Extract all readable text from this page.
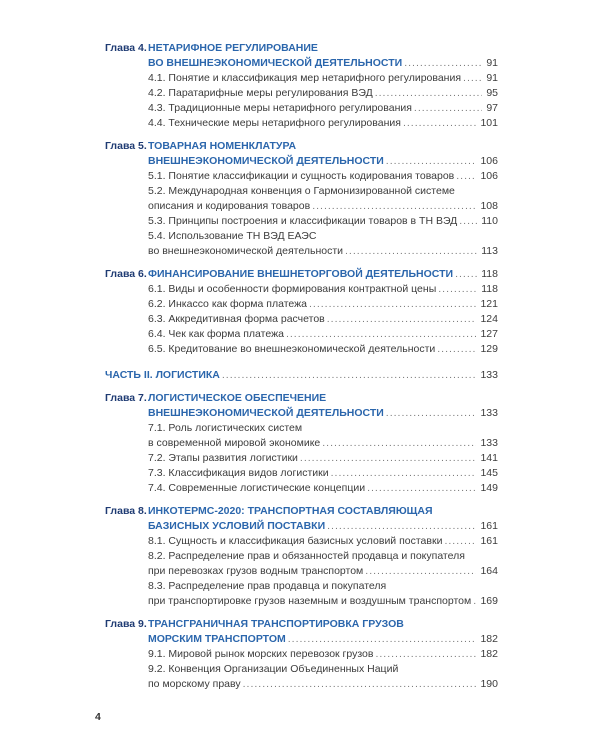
Глава 4. НЕТАРИФНОЕ РЕГУЛИРОВАНИЕ
ВО ВНЕШНЕЭКОНОМИЧЕСКОЙ ДЕЯТЕЛЬНОСТИ .....	91
4.1. Понятие и классификация мер нетарифного регулирования ..... 91
4.2. Паратарифные меры регулирования ВЭД .....	95
4.3. Традиционные меры нетарифного регулирования .....	97
4.4. Технические меры нетарифного регулирования .....	101
Глава 5. ТОВАРНАЯ НОМЕНКЛАТУРА
ВНЕШНЕЭКОНОМИЧЕСКОЙ ДЕЯТЕЛЬНОСТИ .....	106
5.1. Понятие классификации и сущность кодирования товаров ..... 106
5.2. Международная конвенция о Гармонизированной системе
описания и кодирования товаров .....	108
5.3. Принципы построения и классификации товаров в ТН ВЭД ..... 110
5.4. Использование ТН ВЭД ЕАЭС
во внешнеэкономической деятельности .....	113
Глава 6. ФИНАНСИРОВАНИЕ ВНЕШНЕТОРГОВОЙ ДЕЯТЕЛЬНОСТИ .....	118
6.1. Виды и особенности формирования контрактной цены .....	118
6.2. Инкассо как форма платежа .....	121
6.3. Аккредитивная форма расчетов .....	124
6.4. Чек как форма платежа .....	127
6.5. Кредитование во внешнеэкономической деятельности .....	129
ЧАСТЬ II. ЛОГИСТИКА .....	133
Глава 7. ЛОГИСТИЧЕСКОЕ ОБЕСПЕЧЕНИЕ
ВНЕШНЕЭКОНОМИЧЕСКОЙ ДЕЯТЕЛЬНОСТИ .....	133
7.1. Роль логистических систем
в современной мировой экономике .....	133
7.2. Этапы развития логистики .....	141
7.3. Классификация видов логистики .....	145
7.4. Современные логистические концепции .....	149
Глава 8. ИНКОТЕРМС-2020: ТРАНСПОРТНАЯ СОСТАВЛЯЮЩАЯ
БАЗИСНЫХ УСЛОВИЙ ПОСТАВКИ .....	161
8.1. Сущность и классификация базисных условий поставки .....	161
8.2. Распределение прав и обязанностей продавца и покупателя
при перевозках грузов водным транспортом .....	164
8.3. Распределение прав продавца и покупателя
при транспортировке грузов наземным и воздушным транспортом ..... 169
Глава 9. ТРАНСГРАНИЧНАЯ ТРАНСПОРТИРОВКА ГРУЗОВ
МОРСКИМ ТРАНСПОРТОМ .....	182
9.1. Мировой рынок морских перевозок грузов .....	182
9.2. Конвенция Организации Объединенных Наций
по морскому праву .....	190
4
